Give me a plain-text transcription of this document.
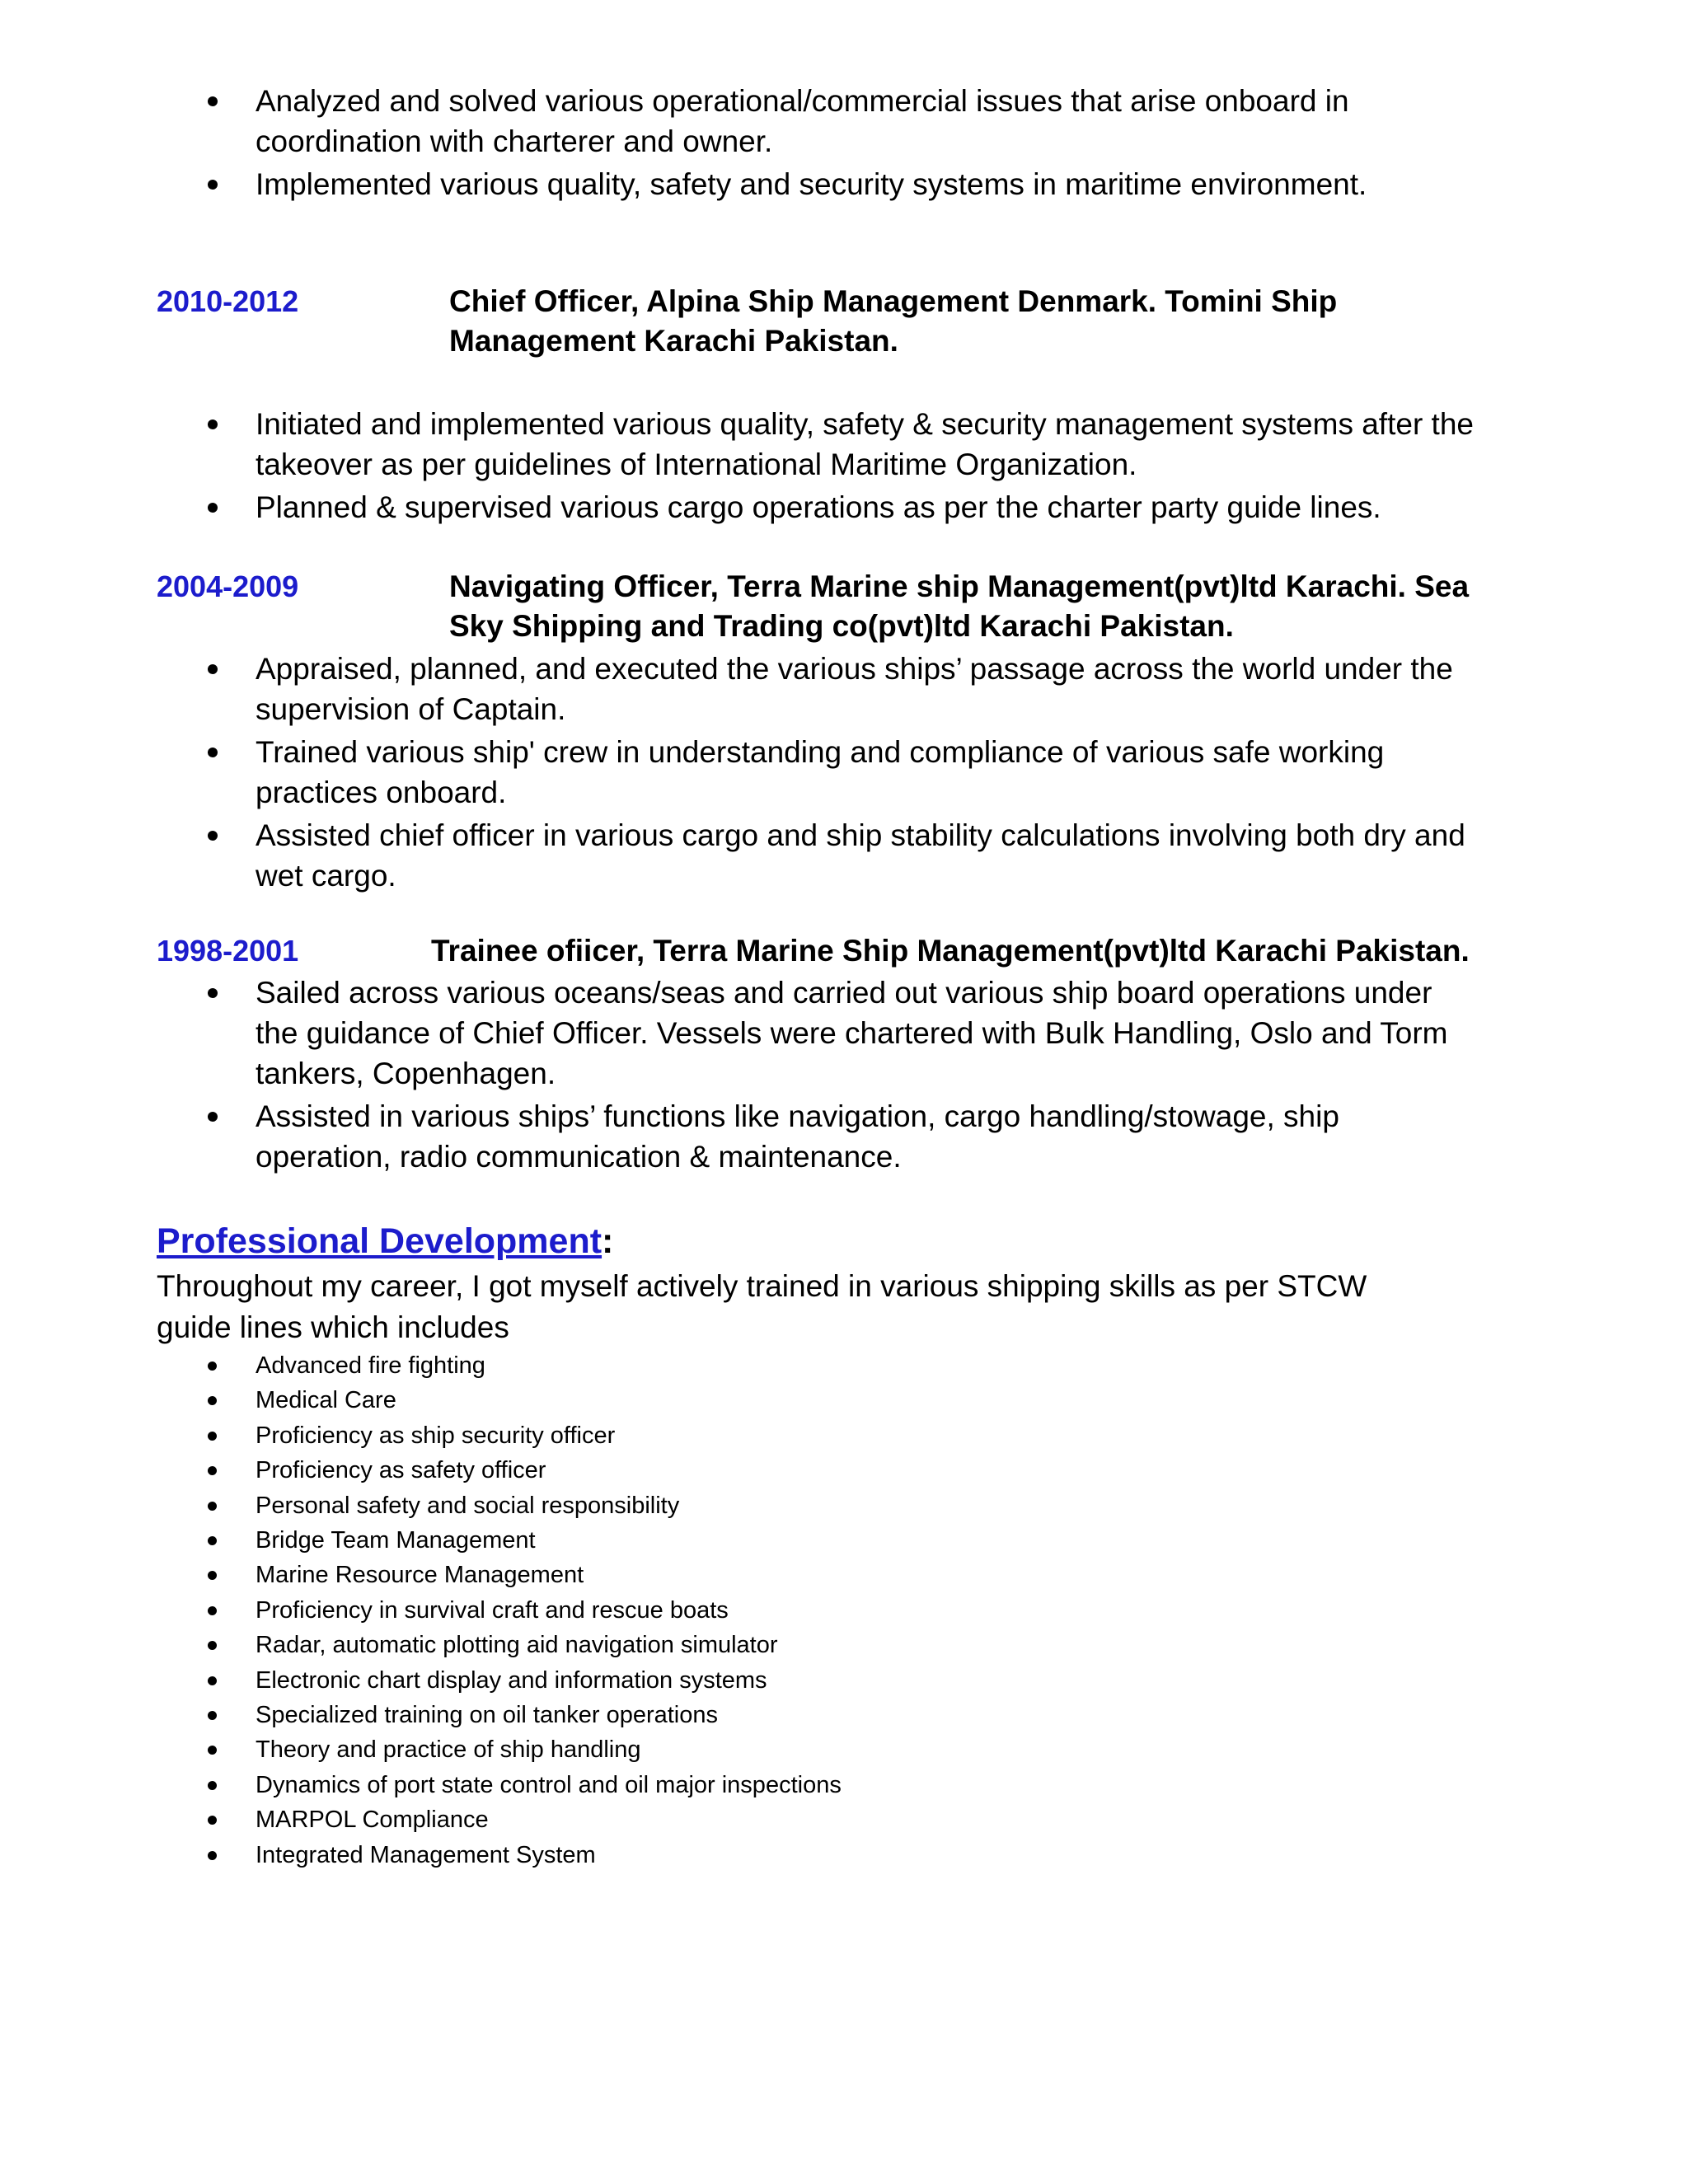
Analyzed and solved various operational/commercial issues that arise onboard in coordination with charterer and owner.
Implemented various quality, safety and security systems in maritime environment.
2010-2012	Chief Officer, Alpina Ship Management Denmark. Tomini Ship Management Karachi Pakistan.
Initiated and implemented various quality, safety & security management systems after the takeover as per guidelines of International Maritime Organization.
Planned & supervised various cargo operations as per the charter party guide lines.
2004-2009	Navigating Officer, Terra Marine ship Management(pvt)ltd Karachi. Sea Sky Shipping and Trading co(pvt)ltd Karachi Pakistan.
Appraised, planned, and executed the various ships’ passage across the world under the supervision of Captain.
Trained various ship' crew in understanding and compliance of various safe working practices onboard.
Assisted chief officer in various cargo and ship stability calculations involving both dry and wet cargo.
1998-2001	Trainee ofiicer, Terra Marine Ship Management(pvt)ltd Karachi Pakistan.
Sailed across various oceans/seas and carried out various ship board operations under the guidance of Chief Officer. Vessels were chartered with Bulk Handling, Oslo and Torm tankers, Copenhagen.
Assisted in various ships’ functions like navigation, cargo handling/stowage, ship operation, radio communication & maintenance.
Professional Development:
Throughout my career, I got myself actively trained in various shipping skills as per STCW guide lines which includes
Advanced fire fighting
Medical Care
Proficiency as ship security officer
Proficiency as safety officer
Personal safety and social responsibility
Bridge Team Management
Marine Resource Management
Proficiency in survival craft and rescue boats
Radar, automatic plotting aid navigation simulator
Electronic chart display and information systems
Specialized training on oil tanker operations
Theory and practice of ship handling
Dynamics of port state control and oil major inspections
MARPOL Compliance
Integrated Management System
